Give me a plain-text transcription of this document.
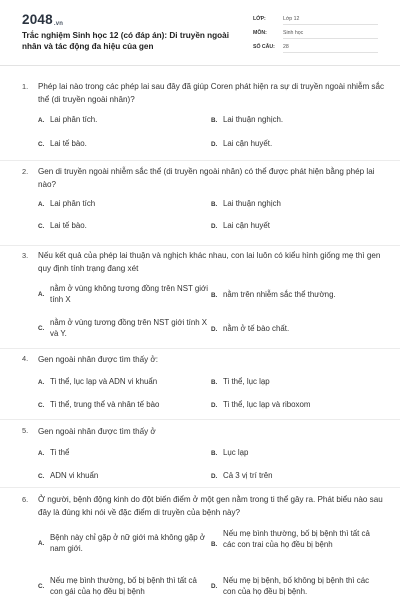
2048.vn
Trắc nghiệm Sinh học 12 (có đáp án): Di truyền ngoài nhân và tác động đa hiệu của gen
LỚP:	Lớp 12
MÔN:	Sinh học
SỐ CÂU: 28
1. Phép lai nào trong các phép lai sau đây đã giúp Coren phát hiện ra sự di truyền ngoài nhiễm sắc thể (di truyền ngoài nhân)?
A. Lai phân tích.	B. Lai thuận nghịch.
C. Lai tế bào.	D. Lai cận huyết.
2. Gen di truyền ngoài nhiễm sắc thể (di truyền ngoài nhân) có thể được phát hiện bằng phép lai nào?
A. Lai phân tích	B. Lai thuận nghịch
C. Lai tế bào.	D. Lai cận huyết
3. Nếu kết quả của phép lai thuận và nghịch khác nhau, con lai luôn có kiểu hình giống mẹ thì gen quy định tính trạng đang xét
A.
nằm ở vùng không tương đồng trên NST giới tính X	B. nằm trên nhiễm sắc thể thường.
C.
nằm ở vùng tương đồng trên NST giới tính X và Y.	D. nằm ở tế bào chất.
4. Gen ngoài nhân được tìm thấy ở:
A. Ti thể, lục lạp và ADN vi khuẩn	B. Ti thể, lục lạp
C. Ti thể, trung thể và nhân tế bào	D. Ti thể, lục lạp và riboxom
5. Gen ngoài nhân được tìm thấy ở
A. Ti thể	B. Lục lạp
C. ADN vi khuẩn	D. Cả 3 vị trí trên
6. Ở người, bệnh động kinh do đột biến điểm ở một gen nằm trong ti thể gây ra. Phát biểu nào sau đây là đúng khi nói về đặc điểm di truyền của bệnh này?
A.
Bệnh này chỉ gặp ở nữ giới mà không gặp ở nam giới.	B.
Nếu mẹ bình thường, bố bị bệnh thì tất cả các con trai của họ đều bị bệnh
C.
Nếu mẹ bình thường, bố bị bệnh thì tất cả con gái của họ đều bị bệnh
D.
Nếu mẹ bị bệnh, bố không bị bệnh thì các con của họ đều bị bệnh.
